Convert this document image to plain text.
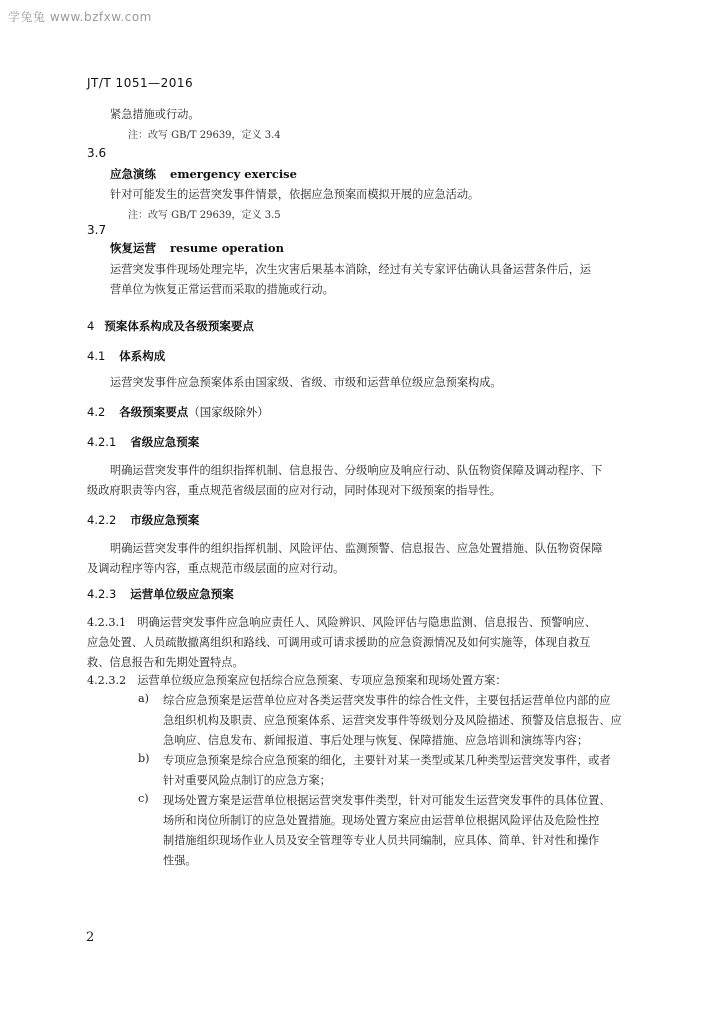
学兔兔 www.bzfxw.com
JT/T 1051—2016
紧急措施或行动。
注：改写 GB/T 29639，定义 3.4
3.6
应急演练 emergency exercise
针对可能发生的运营突发事件情景，依据应急预案而模拟开展的应急活动。
注：改写 GB/T 29639，定义 3.5
3.7
恢复运营 resume operation
运营突发事件现场处理完毕，次生灾害后果基本消除，经过有关专家评估确认具备运营条件后，运
营单位为恢复正常运营而采取的措施或行动。
4 预案体系构成及各级预案要点
4.1 体系构成
运营突发事件应急预案体系由国家级、省级、市级和运营单位级应急预案构成。
4.2 各级预案要点（国家级除外）
4.2.1 省级应急预案
明确运营突发事件的组织指挥机制、信息报告、分级响应及响应行动、队伍物资保障及调动程序、下
级政府职责等内容，重点规范省级层面的应对行动，同时体现对下级预案的指导性。
4.2.2 市级应急预案
明确运营突发事件的组织指挥机制、风险评估、监测预警、信息报告、应急处置措施、队伍物资保障
及调动程序等内容，重点规范市级层面的应对行动。
4.2.3 运营单位级应急预案
4.2.3.1　明确运营突发事件应急响应责任人、风险辨识、风险评估与隐患监测、信息报告、预警响应、
应急处置、人员疏散撤离组织和路线、可调用或可请求援助的应急资源情况及如何实施等，体现自救互
救、信息报告和先期处置特点。
4.2.3.2　运营单位级应急预案应包括综合应急预案、专项应急预案和现场处置方案：
a) 综合应急预案是运营单位应对各类运营突发事件的综合性文件，主要包括运营单位内部的应
急组织机构及职责、应急预案体系、运营突发事件等级划分及风险描述、预警及信息报告、应
急响应、信息发布、新闻报道、事后处理与恢复、保障措施、应急培训和演练等内容；
b) 专项应急预案是综合应急预案的细化，主要针对某一类型或某几种类型运营突发事件，或者
针对重要风险点制订的应急方案；
c) 现场处置方案是运营单位根据运营突发事件类型，针对可能发生运营突发事件的具体位置、
场所和岗位所制订的应急处置措施。现场处置方案应由运营单位根据风险评估及危险性控
制措施组织现场作业人员及安全管理等专业人员共同编制，应具体、简单、针对性和操作
性强。
2
